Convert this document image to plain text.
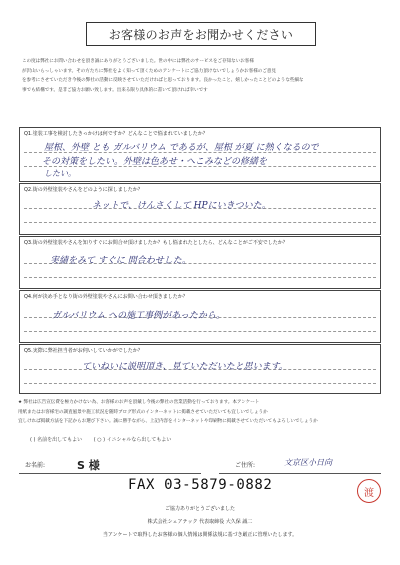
お客様のお声をお聞かせください
この度は弊社にお問い合わせを頂き誠にありがとうございました。世の中には弊社のサービスをご存知ないお客様
が沢山いらっしゃいます。その方たちに弊社をよく知って頂くためのアンケートにご協力頂けないでしょうかお客様のご意見
を参考にさせていただき今後の弊社の活動に反映させていただければと思っております。良かったこと、嬉しかったことどのような些細な
事でも結構です。是非ご協力お願い致します。出来る限り具体的に書いて頂ければ幸いです
Q1.塗装工事を検討したきっかけは何ですか？どんなことで悩まれていましたか？
屋根、外壁 とも ガルバリウム であるが、屋根 が夏 に熱くなるので
その対策をしたい。外壁は色あせ・へこみなどの修繕を
したい。
Q2.街の外壁塗装やさんをどのように探しましたか？
ネットで、けんさくして HPにいきついた。
Q3.街の外壁塗装やさんを知りすぐにお問合せ頂けましたか？もし悩まれたとしたら、どんなことがご不安でしたか？
実績をみて すぐに 問合わせした。
Q4.何が決め手となり街の外壁塗装やさんにお問い合わせ頂きましたか？
ガルバリウム への施工事例があったから。
Q5.実際に弊社担当者がお伺いしていかがでしたか？
ていねいに説明頂き、見ていただいたと思います。
★ 弊社は広告宣伝費を極力かけない為、お客様のお声を頂戴し今後の弊社の営業活動を行っております。本アンケート
用紙またはお客様宅の調査風景や施工状況を随時ブログ形式のインターネットに掲載させていただいても宜しいでしょうか
宜しければ掲載方法を下記からお選び下さい。誠に勝手ながら、上記内容をインターネットや印刷物に掲載させていただいてもよろしいでしょうか
( ) 名前を出してもよい ( ○ ) イニシャルなら出してもよい
お名前:	S 様	ご住所:	文京区小日向
FAX 03-5879-0882	渡
ご協力ありがとうございました
株式会社シェアテック 代表取締役 大久保 誠二
当アンケートで取得したお客様の個人情報は関係法規に基づき厳正に管理いたします。
